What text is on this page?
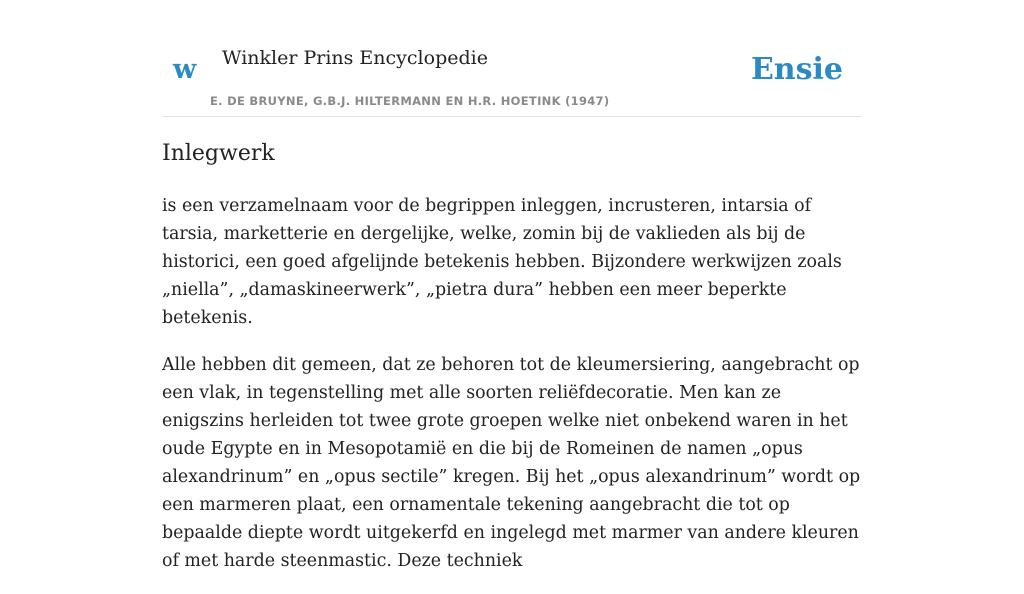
w Winkler Prins Encyclopedie
E. DE BRUYNE, G.B.J. HILTERMANN EN H.R. HOETINK (1947)
Ensie
Inlegwerk

is een verzamelnaam voor de begrippen inleggen, incrusteren, intarsia of tarsia, marketterie en dergelijke, welke, zomin bij de vaklieden als bij de historici, een goed afgelijnde betekenis hebben. Bijzondere werkwijzen zoals „niella”, „damaskineerwerk”, „pietra dura” hebben een meer beperkte betekenis.

Alle hebben dit gemeen, dat ze behoren tot de kleumersiering, aangebracht op een vlak, in tegenstelling met alle soorten reliëfdecoratie. Men kan ze enigszins herleiden tot twee grote groepen welke niet onbekend waren in het oude Egypte en in Mesopotamië en die bij de Romeinen de namen „opus alexandrinum” en „opus sectile” kregen. Bij het „opus alexandrinum” wordt op een marmeren plaat, een ornamentale tekening aangebracht die tot op bepaalde diepte wordt uitgekerfd en ingelegd met marmer van andere kleuren of met harde steenmastic. Deze techniek
